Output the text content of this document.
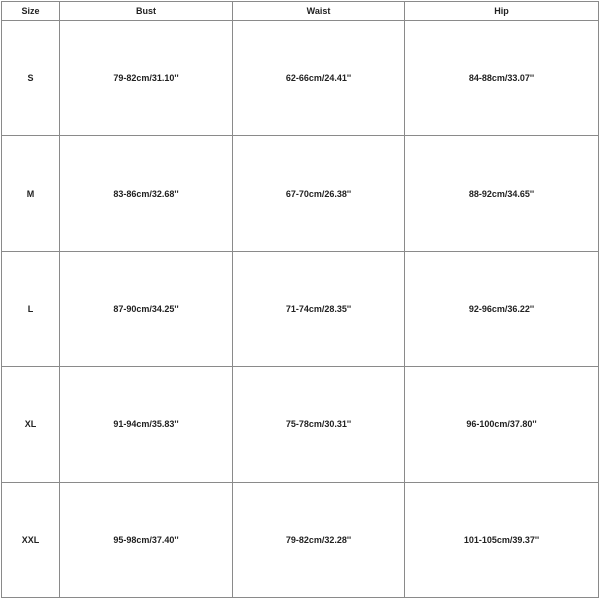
Size	Bust	Waist	Hip
S	79-82cm/31.10''	62-66cm/24.41''	84-88cm/33.07''
M	83-86cm/32.68''	67-70cm/26.38''	88-92cm/34.65''
L	87-90cm/34.25''	71-74cm/28.35''	92-96cm/36.22''
XL	91-94cm/35.83''	75-78cm/30.31''	96-100cm/37.80''
XXL	95-98cm/37.40''	79-82cm/32.28''	101-105cm/39.37''
